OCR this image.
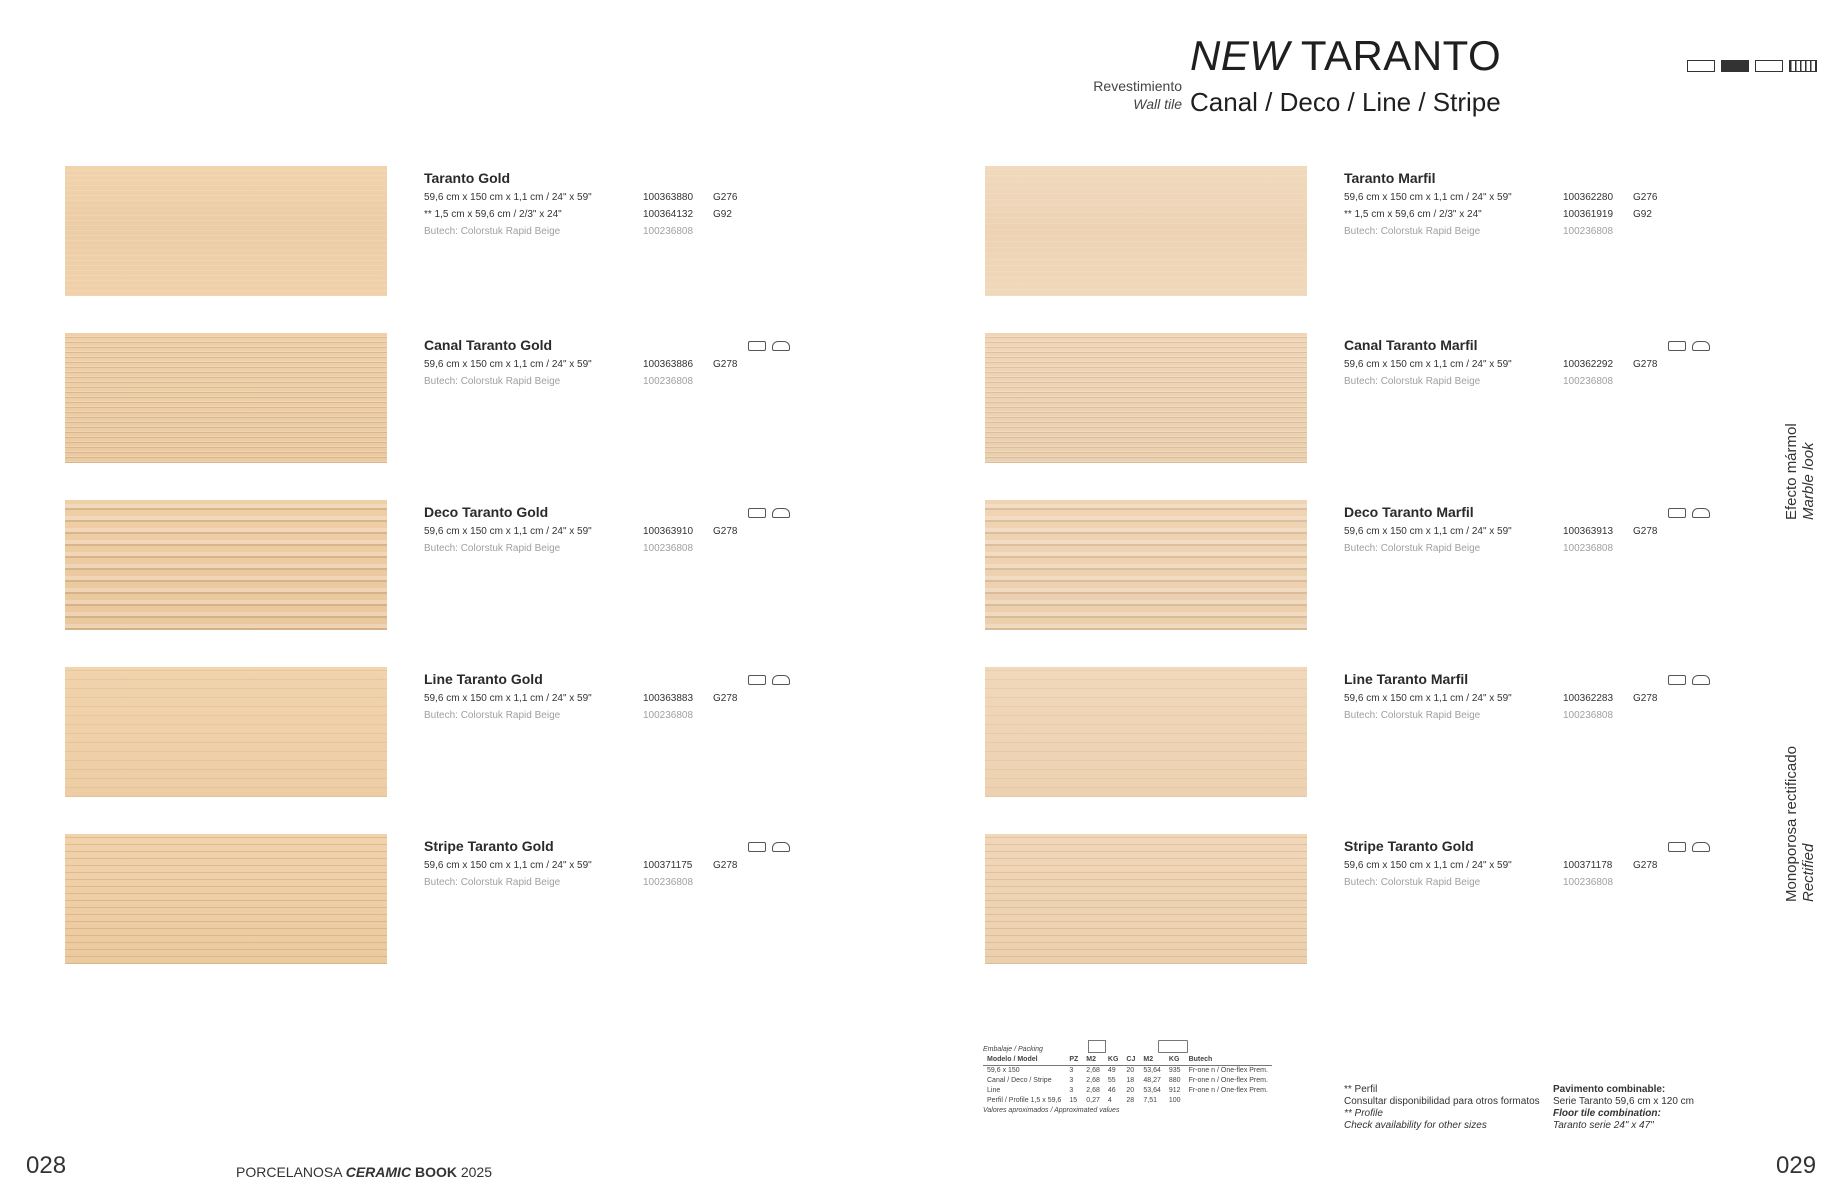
NEW TARANTO
Revestimiento
Wall tile Canal / Deco / Line / Stripe
Taranto Gold
59,6 cm x 150 cm x 1,1 cm / 24" x 59"	100363880 G276
** 1,5 cm x 59,6 cm / 2/3" x 24"	100364132 G92
Butech: Colorstuk Rapid Beige	100236808
Canal Taranto Gold
59,6 cm x 150 cm x 1,1 cm / 24" x 59"	100363886 G278
Butech: Colorstuk Rapid Beige	100236808
Deco Taranto Gold
59,6 cm x 150 cm x 1,1 cm / 24" x 59"	100363910 G278
Butech: Colorstuk Rapid Beige	100236808
Line Taranto Gold
59,6 cm x 150 cm x 1,1 cm / 24" x 59"	100363883 G278
Butech: Colorstuk Rapid Beige	100236808
Stripe Taranto Gold
59,6 cm x 150 cm x 1,1 cm / 24" x 59"	100371175 G278
Butech: Colorstuk Rapid Beige	100236808
Taranto Marfil
59,6 cm x 150 cm x 1,1 cm / 24" x 59"	100362280 G276
** 1,5 cm x 59,6 cm / 2/3" x 24"	100361919 G92
Butech: Colorstuk Rapid Beige	100236808
Canal Taranto Marfil
59,6 cm x 150 cm x 1,1 cm / 24" x 59"	100362292 G278
Butech: Colorstuk Rapid Beige	100236808
Deco Taranto Marfil
59,6 cm x 150 cm x 1,1 cm / 24" x 59"	100363913 G278
Butech: Colorstuk Rapid Beige	100236808
Line Taranto Marfil
59,6 cm x 150 cm x 1,1 cm / 24" x 59"	100362283 G278
Butech: Colorstuk Rapid Beige	100236808
Stripe Taranto Gold
59,6 cm x 150 cm x 1,1 cm / 24" x 59"	100371178 G278
Butech: Colorstuk Rapid Beige	100236808
Efecto mármol Marble look
Monoporosa rectificado Rectified
Embalaje / Packing
Modelo / Model	PZ	M2	KG	CJ	M2	KG	Butech
59,6 x 150	3	2,68	49	20	53,64	935	Fr-one n / One-flex Prem.
Canal / Deco / Stripe	3	2,68	55	18	48,27	880	Fr-one n / One-flex Prem.
Line	3	2,68	46	20	53,64	912	Fr-one n / One-flex Prem.
Perfil / Profile 1,5 x 59,6	15	0,27	4	28	7,51	100	
Valores aproximados / Approximated values
** Perfil
Consultar disponibilidad para otros formatos
** Profile
Check availability for other sizes
Pavimento combinable:
Serie Taranto 59,6 cm x 120 cm
Floor tile combination:
Taranto serie 24" x 47"
028	029
PORCELANOSA CERAMIC BOOK 2025
